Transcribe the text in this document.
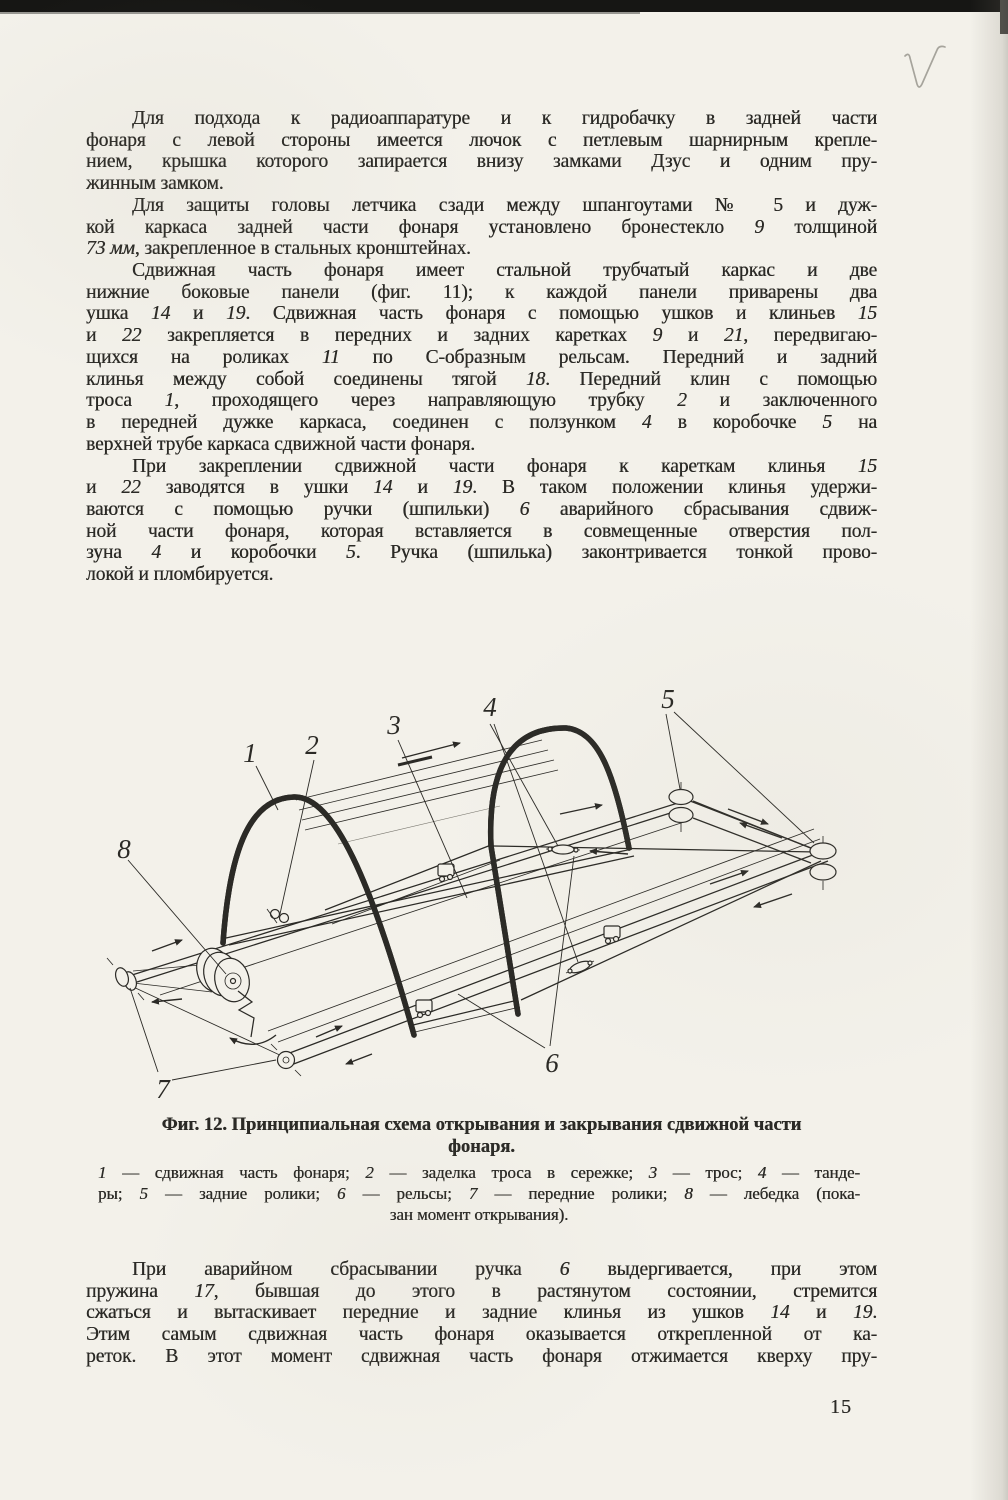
Для подхода к радиоаппаратуре и к гидробачку в задней части
фонаря с левой стороны имеется лючок с петлевым шарнирным крепле-
нием, крышка которого запирается внизу замками Дзус и одним пру-
жинным замком.
Для защиты головы летчика сзади между шпангоутами № 5 и дуж-
кой каркаса задней части фонаря установлено бронестекло 9 толщиной
73 мм, закрепленное в стальных кронштейнах.
Сдвижная часть фонаря имеет стальной трубчатый каркас и две
нижние боковые панели (фиг. 11); к каждой панели приварены два
ушка 14 и 19. Сдвижная часть фонаря с помощью ушков и клиньев 15
и 22 закрепляется в передних и задних каретках 9 и 21, передвигаю-
щихся на роликах 11 по С-образным рельсам. Передний и задний
клинья между собой соединены тягой 18. Передний клин с помощью
троса 1, проходящего через направляющую трубку 2 и заключенного
в передней дужке каркаса, соединен с ползунком 4 в коробочке 5 на
верхней трубе каркаса сдвижной части фонаря.
При закреплении сдвижной части фонаря к кареткам клинья 15
и 22 заводятся в ушки 14 и 19. В таком положении клинья удержи-
ваются с помощью ручки (шпильки) 6 аварийного сбрасывания сдвиж-
ной части фонаря, которая вставляется в совмещенные отверстия пол-
зуна 4 и коробочки 5. Ручка (шпилька) законтривается тонкой прово-
локой и пломбируется.
1 2
3
4	5
6
7
8
Фиг. 12. Принципиальная схема открывания и закрывания сдвижной части
фонаря.
1 — сдвижная часть фонаря; 2 — заделка троса в сережке; 3 — трос; 4 — танде-
ры; 5 — задние ролики; 6 — рельсы; 7 — передние ролики; 8 — лебедка (пока-
зан момент открывания).
При аварийном сбрасывании ручка 6 выдергивается, при этом
пружина 17, бывшая до этого в растянутом состоянии, стремится
сжаться и вытаскивает передние и задние клинья из ушков 14 и 19.
Этим самым сдвижная часть фонаря оказывается открепленной от ка-
реток. В этот момент сдвижная часть фонаря отжимается кверху пру-
15
